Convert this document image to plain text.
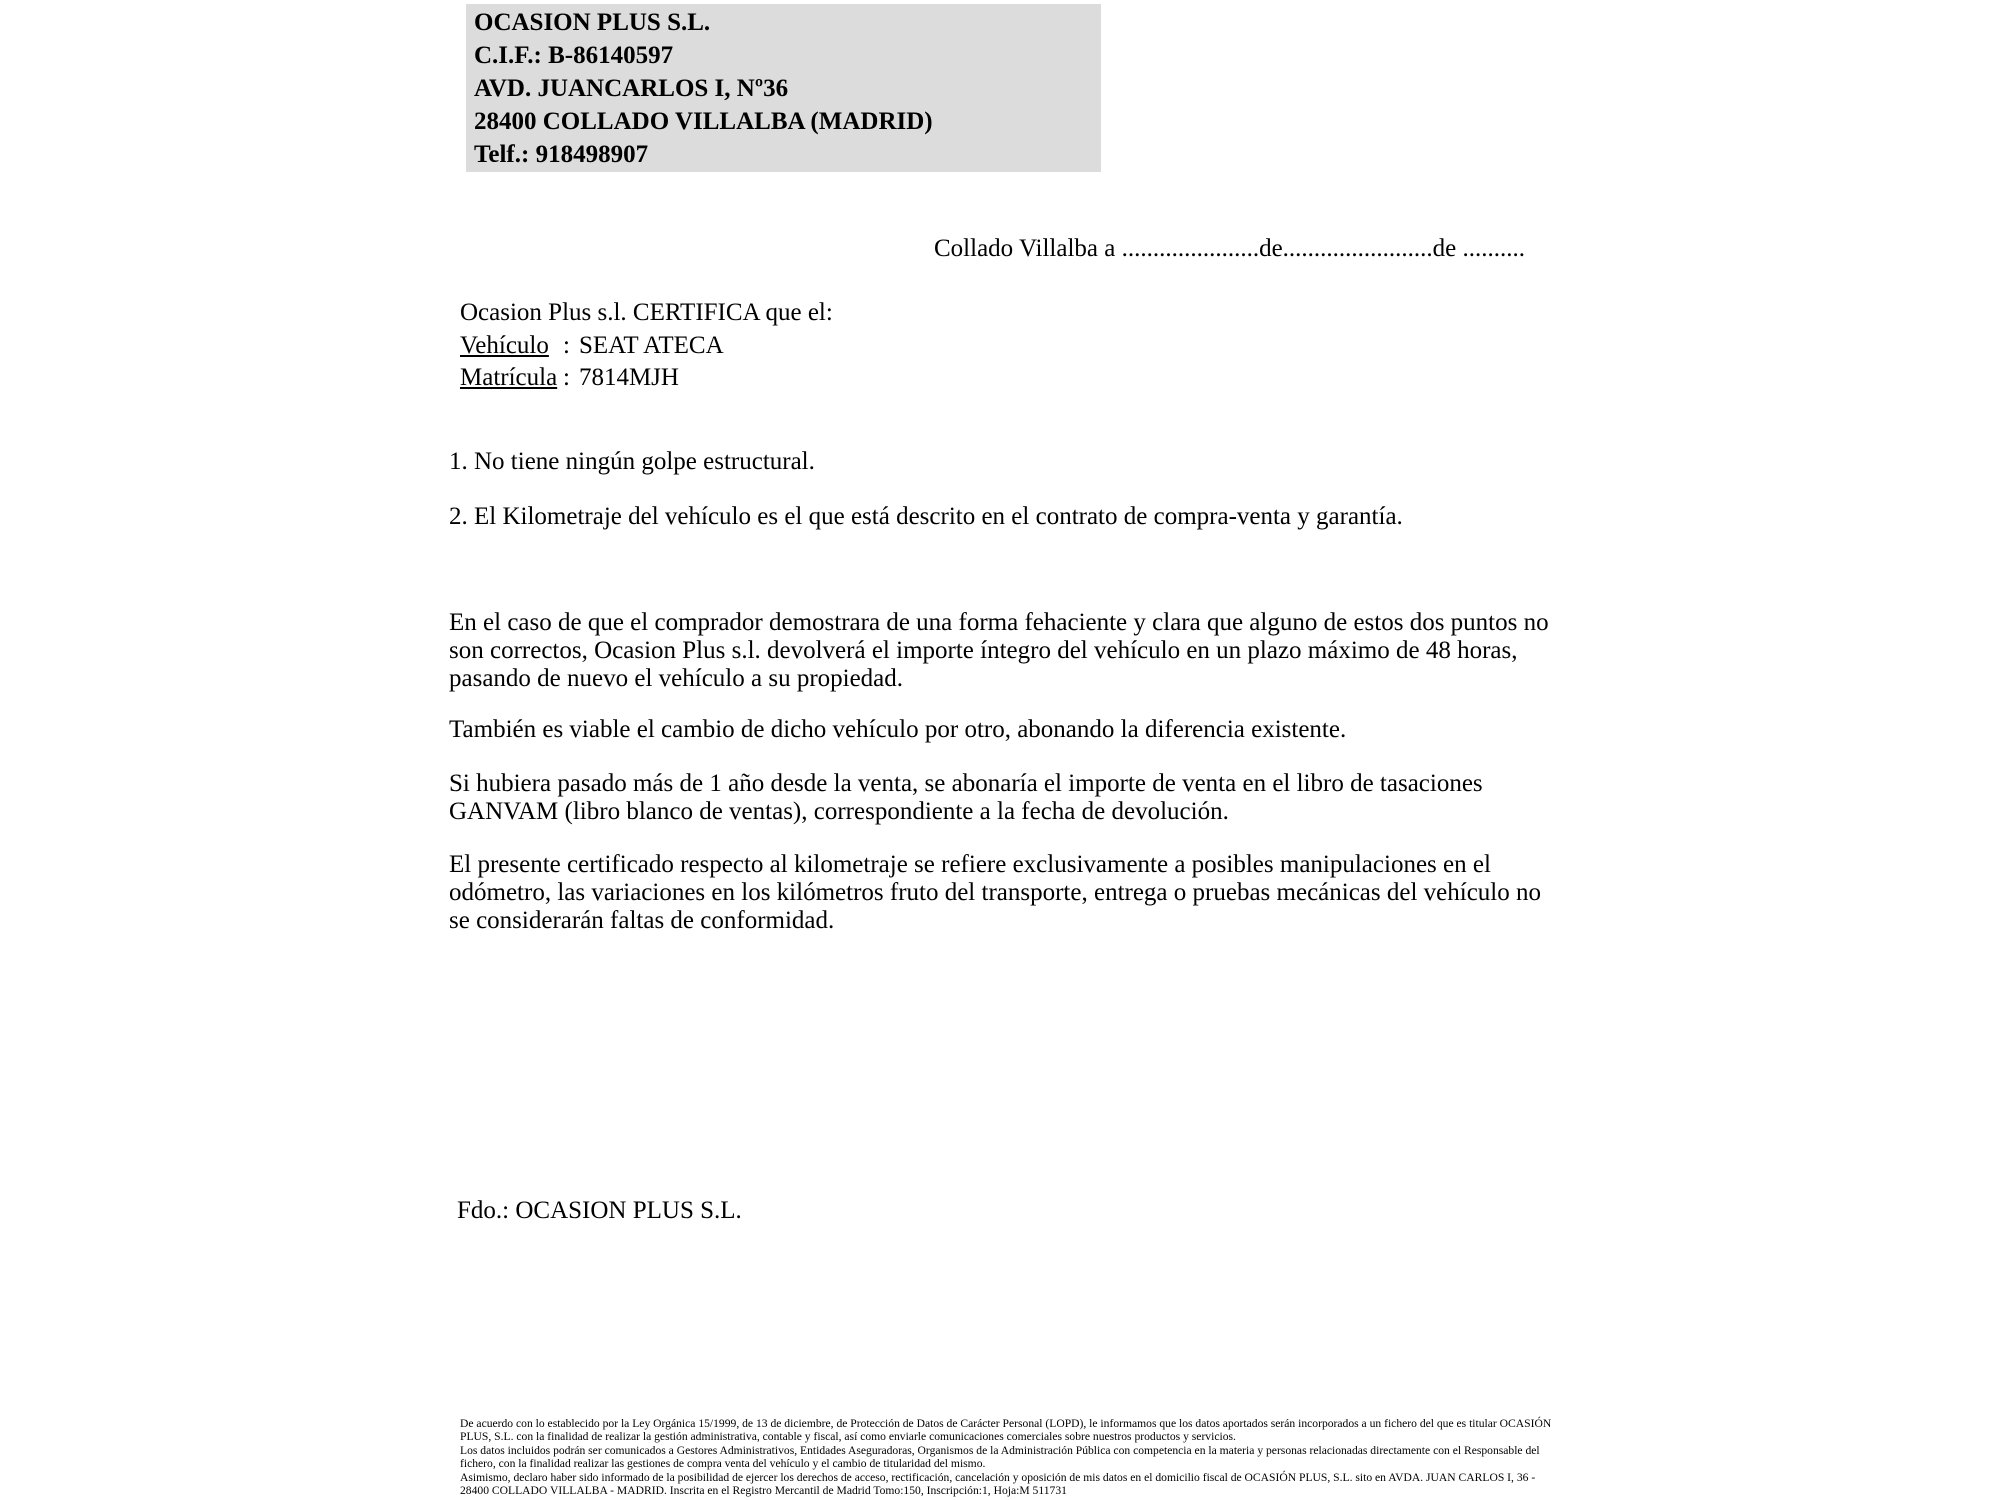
OCASION PLUS S.L.
C.I.F.: B-86140597
AVD. JUANCARLOS I, Nº36
28400 COLLADO VILLALBA (MADRID)
Telf.: 918498907
Collado Villalba a ......................de........................de ..........
Ocasion Plus s.l. CERTIFICA que el:
Vehículo : SEAT ATECA
Matrícula : 7814MJH
1. No tiene ningún golpe estructural.
2. El Kilometraje del vehículo es el que está descrito en el contrato de compra-venta y garantía.
En el caso de que el comprador demostrara de una forma fehaciente y clara que alguno de estos dos puntos no son correctos, Ocasion Plus s.l. devolverá el importe íntegro del vehículo en un plazo máximo de 48 horas, pasando de nuevo el vehículo a su propiedad.
También es viable el cambio de dicho vehículo por otro, abonando la diferencia existente.
Si hubiera pasado más de 1 año desde la venta, se abonaría el importe de venta en el libro de tasaciones GANVAM (libro blanco de ventas), correspondiente a la fecha de devolución.
El presente certificado respecto al kilometraje se refiere exclusivamente a posibles manipulaciones en el odómetro, las variaciones en los kilómetros fruto del transporte, entrega o pruebas mecánicas del vehículo no se considerarán faltas de conformidad.
Fdo.: OCASION PLUS S.L.

De acuerdo con lo establecido por la Ley Orgánica 15/1999, de 13 de diciembre, de Protección de Datos de Carácter Personal (LOPD), le informamos que los datos aportados serán incorporados a un fichero del que es titular OCASIÓN PLUS, S.L. con la finalidad de realizar la gestión administrativa, contable y fiscal, así como enviarle comunicaciones comerciales sobre nuestros productos y servicios.

Los datos incluidos podrán ser comunicados a Gestores Administrativos, Entidades Aseguradoras, Organismos de la Administración Pública con competencia en la materia y personas relacionadas directamente con el Responsable del fichero, con la finalidad realizar las gestiones de compra venta del vehículo y el cambio de titularidad del mismo.

Asimismo, declaro haber sido informado de la posibilidad de ejercer los derechos de acceso, rectificación, cancelación y oposición de mis datos en el domicilio fiscal de OCASIÓN PLUS, S.L. sito en AVDA. JUAN CARLOS I, 36 - 28400 COLLADO VILLALBA - MADRID. Inscrita en el Registro Mercantil de Madrid Tomo:150, Inscripción:1, Hoja:M 511731
